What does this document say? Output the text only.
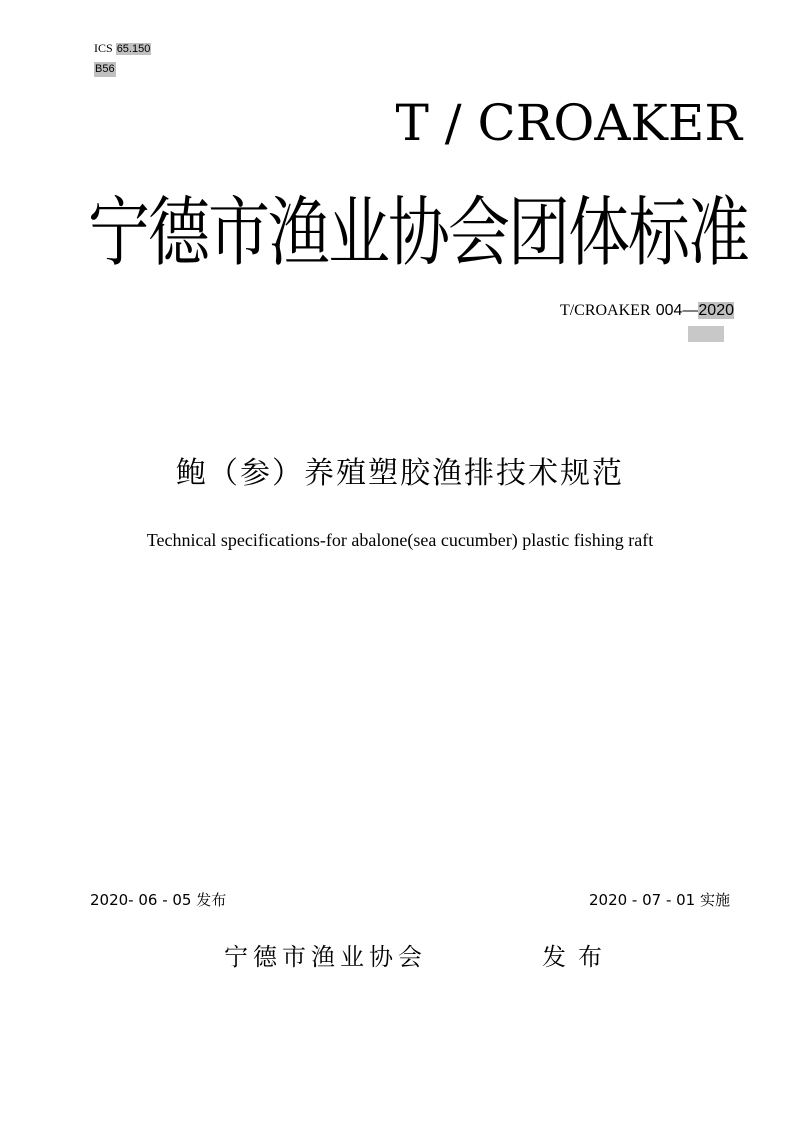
ICS 65.150
B56
T / CROAKER
宁德市渔业协会团体标准
T/CROAKER 004—2020
鲍（参）养殖塑胶渔排技术规范
Technical specifications-for abalone(sea cucumber) plastic fishing raft
2020- 06 - 05 发布	2020 - 07 - 01 实施
宁德市渔业协会	发布
